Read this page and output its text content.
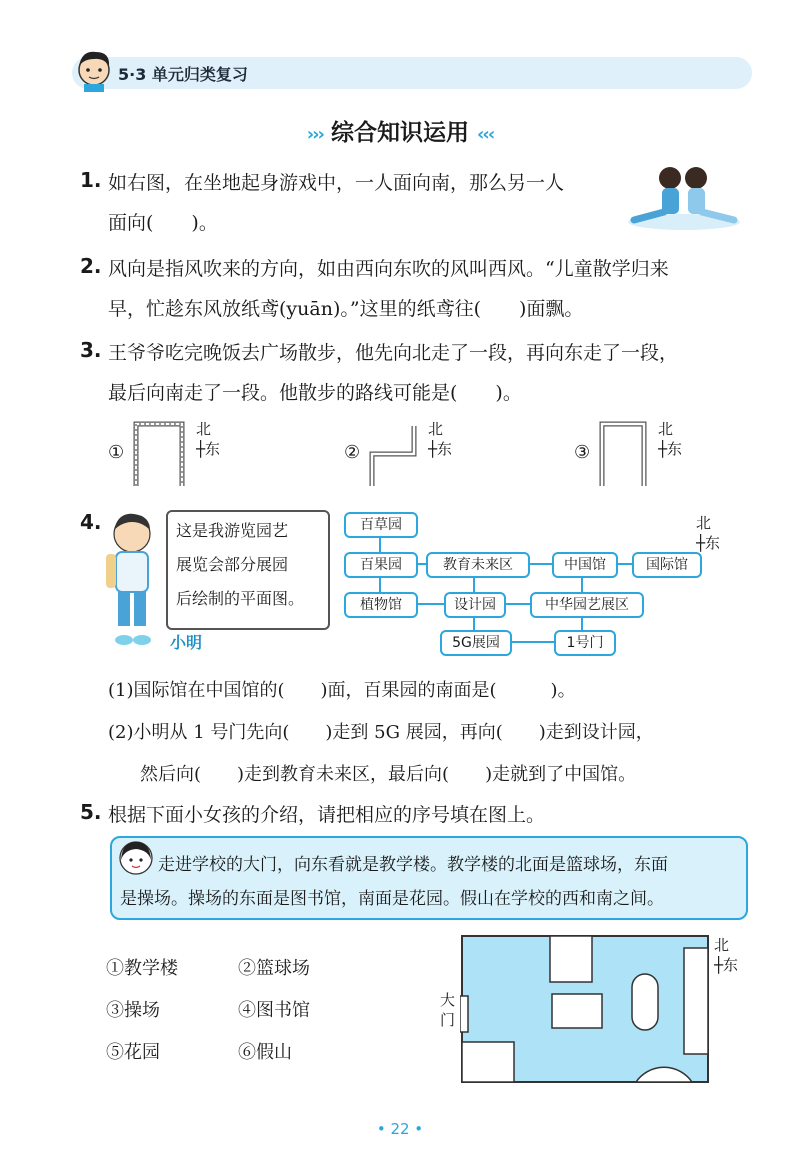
5·3 单元归类复习
››› 综合知识运用 ‹‹‹
1. 如右图，在坐地起身游戏中，一人面向南，那么另一人
面向(　　)。
2. 风向是指风吹来的方向，如由西向东吹的风叫西风。“儿童散学归来
早，忙趁东风放纸鸢(yuān)。”这里的纸鸢往(　　)面飘。
3. 王爷爷吃完晚饭去广场散步，他先向北走了一段，再向东走了一段，
最后向南走了一段。他散步的路线可能是(　　)。
①
北
┼东	②
北
┼东	③
北
┼东
4.	这是我游览园艺
展览会部分展园
后绘制的平面图。
小明
百草园
百果园	教育未来区	中国馆	国际馆
植物馆	设计园	中华园艺展区
5G展园	1号门
北
┼东
(1)国际馆在中国馆的(　　)面，百果园的南面是(　　　)。
(2)小明从 1 号门先向(　　)走到 5G 展园，再向(　　)走到设计园，
然后向(　　)走到教育未来区，最后向(　　)走就到了中国馆。
5. 根据下面小女孩的介绍，请把相应的序号填在图上。
走进学校的大门，向东看就是教学楼。教学楼的北面是篮球场，东面
是操场。操场的东面是图书馆，南面是花园。假山在学校的西和南之间。
①教学楼	②篮球场
③操场	④图书馆
⑤花园	⑥假山
大门
北
┼东
• 22 •
